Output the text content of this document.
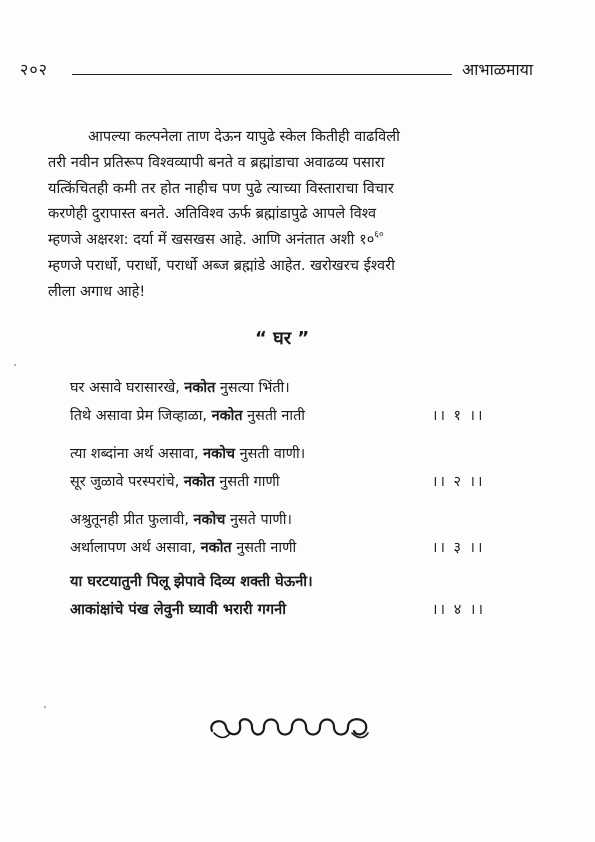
२०२	आभाळमाया
आपल्या कल्पनेला ताण देऊन यापुढे स्केल कितीही वाढविली
तरी नवीन प्रतिरूप विश्वव्यापी बनते व ब्रह्मांडाचा अवाढव्य पसारा
यत्किंचितही कमी तर होत नाहीच पण पुढे त्याच्या विस्ताराचा विचार
करणेही दुरापास्त बनते. अतिविश्व ऊर्फ ब्रह्मांडापुढे आपले विश्व
म्हणजे अक्षरश: दर्या में खसखस आहे. आणि अनंतात अशी $१०^{६०}$
म्हणजे परार्धो, परार्धो, परार्धो अब्ज ब्रह्मांडे आहेत. खरोखरच ईश्वरी
लीला अगाध आहे!
“ घर ”
घर असावे घरासारखे, नकोत नुसत्या भिंती।
तिथे असावा प्रेम जिव्हाळा, नकोत नुसती नाती	।। १ ।।
त्या शब्दांना अर्थ असावा, नकोच नुसती वाणी।
सूर जुळावे परस्परांचे, नकोत नुसती गाणी	।। २ ।।
अश्रुतूनही प्रीत फुलावी, नकोच नुसते पाणी।
अर्थालापण अर्थ असावा, नकोत नुसती नाणी	।। ३ ।।
या घरटयातुनी पिलू झेपावे दिव्य शक्ती घेऊनी।
आकांक्षांचे पंख लेवुनी घ्यावी भरारी गगनी	।। ४ ।।
